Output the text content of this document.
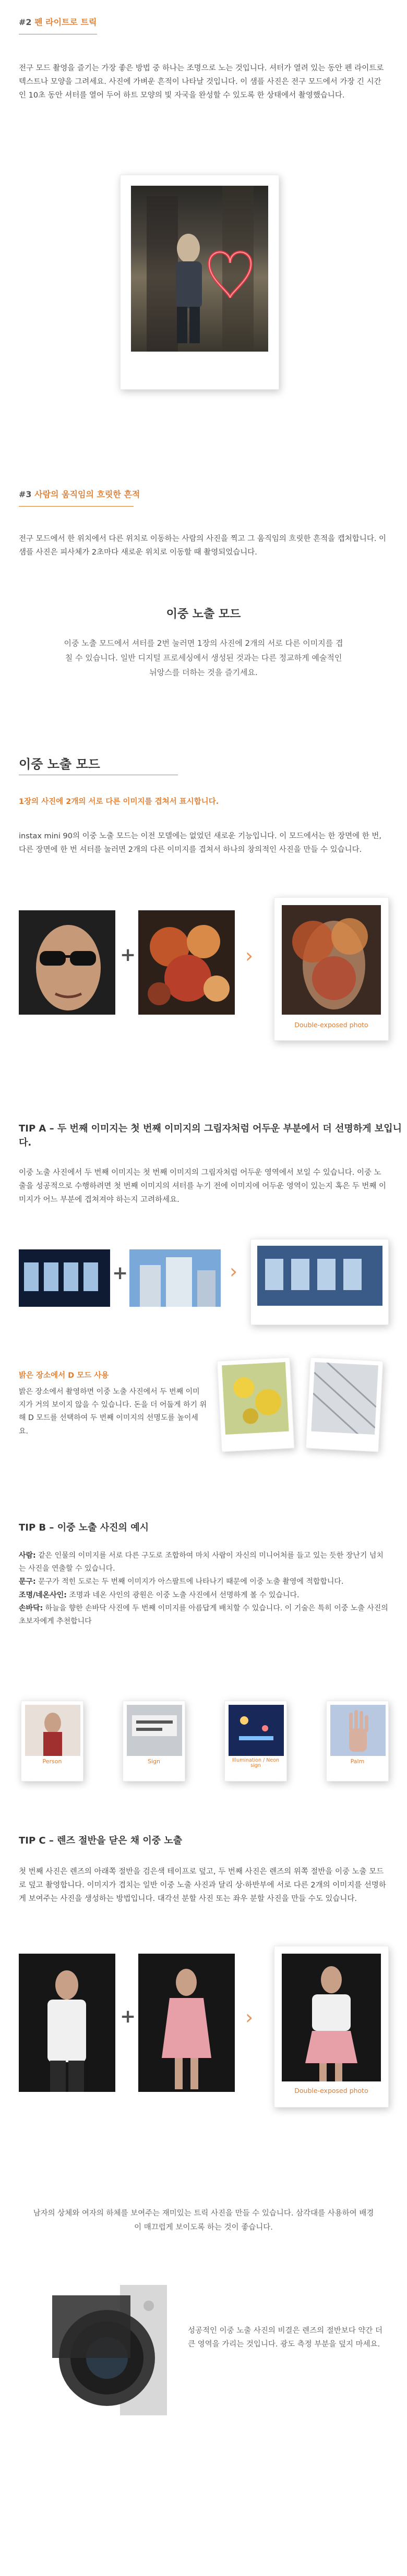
#2 펜 라이트로 트릭
전구 모드 촬영을 즐기는 가장 좋은 방법 중 하나는 조명으로 노는 것입니다. 셔터가 열려 있는 동안 펜 라이트로 텍스트나 모양을 그려세요. 사진에 가벼운 흔적이 나타날 것입니다. 이 샘플 사진은 전구 모드에서 가장 긴 시간인 10초 동안 셔터를 열어 두어 하트 모양의 빛 자국을 완성할 수 있도록 한 상태에서 촬영했습니다.
#3 사람의 움직임의 흐릿한 흔적
전구 모드에서 한 위치에서 다른 위치로 이동하는 사람의 사진을 찍고 그 움직임의 흐릿한 흔적을 캡처합니다. 이 샘플 사진은 피사체가 2초마다 새로운 위치로 이동할 때 촬영되었습니다.
이중 노출 모드
이중 노출 모드에서 셔터를 2번 눌러면 1장의 사진에 2개의 서로 다른 이미지를 겹칠 수 있습니다. 일반 디지털 프로세싱에서 생성된 것과는 다른 정교하게 예술적인 뉘앙스를 더하는 것을 즐기세요.
이중 노출 모드
1장의 사진에 2개의 서로 다른 이미지를 겹쳐서 표시합니다.
instax mini 90의 이중 노출 모드는 이전 모델에는 없었던 새로운 기능입니다. 이 모드에서는 한 장면에 한 번, 다른 장면에 한 번 셔터를 눌러면 2개의 다른 이미지를 겹쳐서 하나의 창의적인 사진을 만들 수 있습니다.
+	›
Double-exposed photo
TIP A – 두 번째 이미지는 첫 번째 이미지의 그림자처럼 어두운 부분에서 더 선명하게 보입니다.
이중 노출 사진에서 두 번째 이미지는 첫 번째 이미지의 그림자처럼 어두운 영역에서 보일 수 있습니다. 이중 노출을 성공적으로 수행하려면 첫 번째 이미지의 셔터를 누기 전에 이미지에 어두운 영역이 있는지 혹은 두 번째 이미지가 어느 부분에 겹쳐져야 하는지 고려하세요.
+	›
밝은 장소에서 D 모드 사용
밝은 장소에서 촬영하면 이중 노출 사진에서 두 번째 이미지가 거의 보이지 않을 수 있습니다. 돈을 더 어둡게 하기 위해 D 모드를 선택하여 두 번째 이미지의 선명도를 높이세요.
TIP B – 이중 노출 사진의 예시
사람: 같은 인물의 이미지를 서로 다른 구도로 조합하여 마치 사람이 자신의 미니어처를 들고 있는 듯한 장난기 넘치는 사진을 연출할 수 있습니다.
문구: 문구가 적힌 도로는 두 번째 이미지가 아스팔트에 나타나기 때문에 이중 노출 촬영에 적합합니다.
조명/네온사인: 조명과 네온 사인의 광원은 이중 노출 사진에서 선명하게 볼 수 있습니다.
손바닥: 하늘을 향한 손바닥 사진에 두 번째 이미지를 아름답게 배치할 수 있습니다. 이 기술은 특히 이중 노출 사진의 초보자에게 추천합니다
Person	Sign	Illumination / Neon sign
Palm
TIP C – 렌즈 절반을 닫은 채 이중 노출
첫 번째 사진은 렌즈의 아래쪽 절반을 검은색 테이프로 덮고, 두 번째 사진은 렌즈의 위쪽 절반을 이중 노출 모드로 덮고 촬영합니다. 이미지가 겹치는 일반 이중 노출 사진과 달리 상·하반부에 서로 다른 2개의 이미지를 선명하게 보여주는 사진을 생성하는 방법입니다. 대각선 분할 사진 또는 좌우 분할 사진을 만들 수도 있습니다.
+	›
Double-exposed photo
남자의 상체와 여자의 하체를 보여주는 재미있는 트릭 사진을 만들 수 있습니다. 삼각대를 사용하여 배경이 매끄럽게 보이도록 하는 것이 좋습니다.
성공적인 이중 노출 사진의 비결은 렌즈의 절반보다 약간 더 큰 영역을 가리는 것입니다. 광도 측정 부분을 덮지 마세요.
